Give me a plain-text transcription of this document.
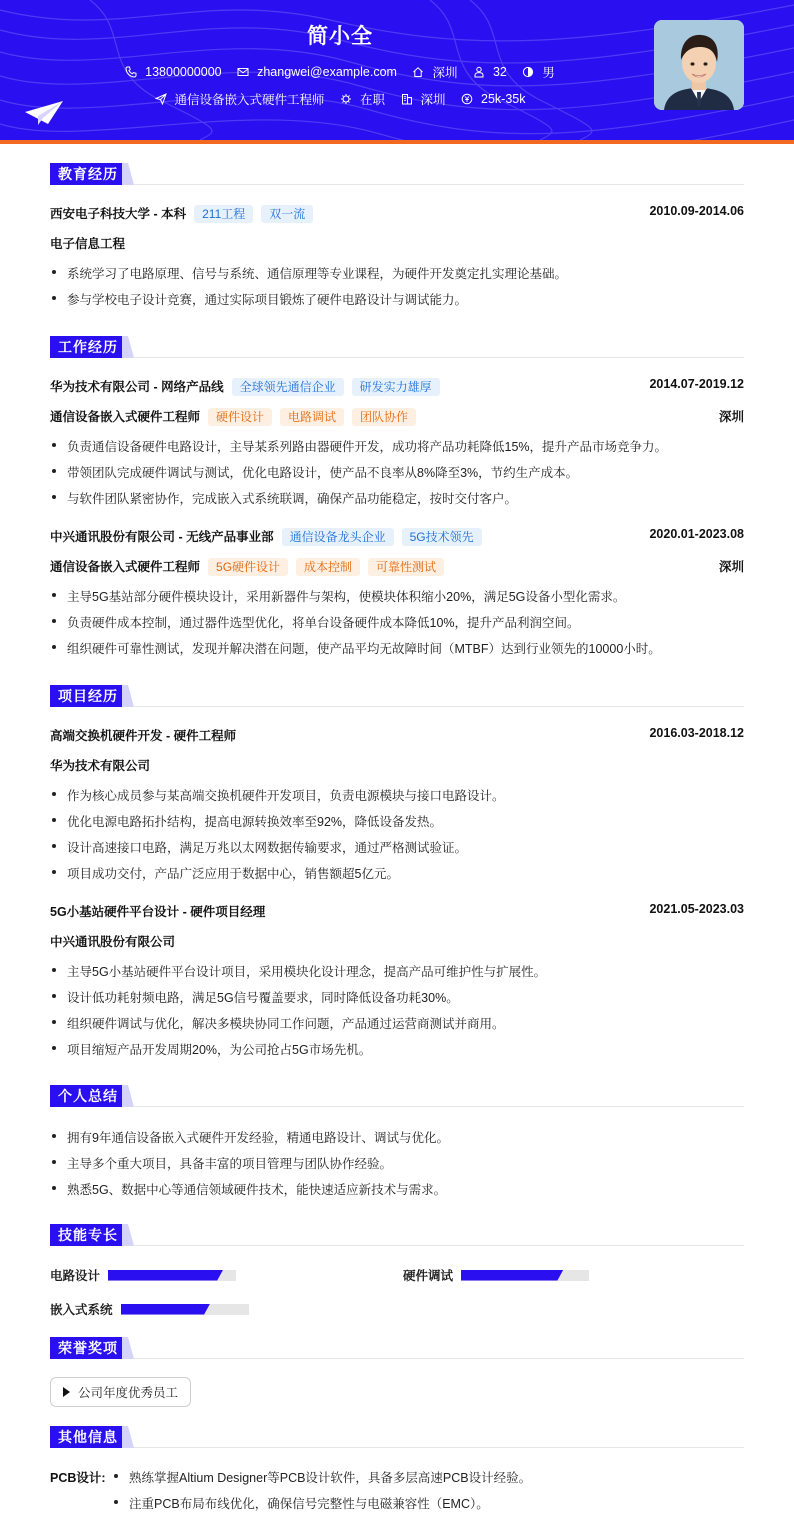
简小全
13800000000
	zhangwei@example.com
	深圳
	32
	男
通信设备嵌入式硬件工程师
	在职
	深圳
	25k-35k
教育经历
西安电子科技大学 - 本科 211工程 双一流	2010.09-2014.06
电子信息工程
系统学习了电路原理、信号与系统、通信原理等专业课程，为硬件开发奠定扎实理论基础。
参与学校电子设计竞赛，通过实际项目锻炼了硬件电路设计与调试能力。
工作经历
华为技术有限公司 - 网络产品线 全球领先通信企业 研发实力雄厚	2014.07-2019.12
通信设备嵌入式硬件工程师 硬件设计 电路调试 团队协作	深圳
负责通信设备硬件电路设计，主导某系列路由器硬件开发，成功将产品功耗降低15%，提升产品市场竞争力。
带领团队完成硬件调试与测试，优化电路设计，使产品不良率从8%降至3%，节约生产成本。
与软件团队紧密协作，完成嵌入式系统联调，确保产品功能稳定，按时交付客户。
中兴通讯股份有限公司 - 无线产品事业部 通信设备龙头企业 5G技术领先	2020.01-2023.08
通信设备嵌入式硬件工程师 5G硬件设计 成本控制 可靠性测试	深圳
主导5G基站部分硬件模块设计，采用新器件与架构，使模块体积缩小20%，满足5G设备小型化需求。
负责硬件成本控制，通过器件选型优化，将单台设备硬件成本降低10%，提升产品利润空间。
组织硬件可靠性测试，发现并解决潜在问题，使产品平均无故障时间（MTBF）达到行业领先的10000小时。
项目经历
高端交换机硬件开发 - 硬件工程师	2016.03-2018.12
华为技术有限公司
作为核心成员参与某高端交换机硬件开发项目，负责电源模块与接口电路设计。
优化电源电路拓扑结构，提高电源转换效率至92%，降低设备发热。
设计高速接口电路，满足万兆以太网数据传输要求，通过严格测试验证。
项目成功交付，产品广泛应用于数据中心，销售额超5亿元。
5G小基站硬件平台设计 - 硬件项目经理	2021.05-2023.03
中兴通讯股份有限公司
主导5G小基站硬件平台设计项目，采用模块化设计理念，提高产品可维护性与扩展性。
设计低功耗射频电路，满足5G信号覆盖要求，同时降低设备功耗30%。
组织硬件调试与优化，解决多模块协同工作问题，产品通过运营商测试并商用。
项目缩短产品开发周期20%，为公司抢占5G市场先机。
个人总结
拥有9年通信设备嵌入式硬件开发经验，精通电路设计、调试与优化。
主导多个重大项目，具备丰富的项目管理与团队协作经验。
熟悉5G、数据中心等通信领域硬件技术，能快速适应新技术与需求。
技能专长
电路设计	硬件调试
嵌入式系统
荣誉奖项
公司年度优秀员工
其他信息
PCB设计:	熟练掌握Altium Designer等PCB设计软件，具备多层高速PCB设计经验。
注重PCB布局布线优化，确保信号完整性与电磁兼容性（EMC）。
